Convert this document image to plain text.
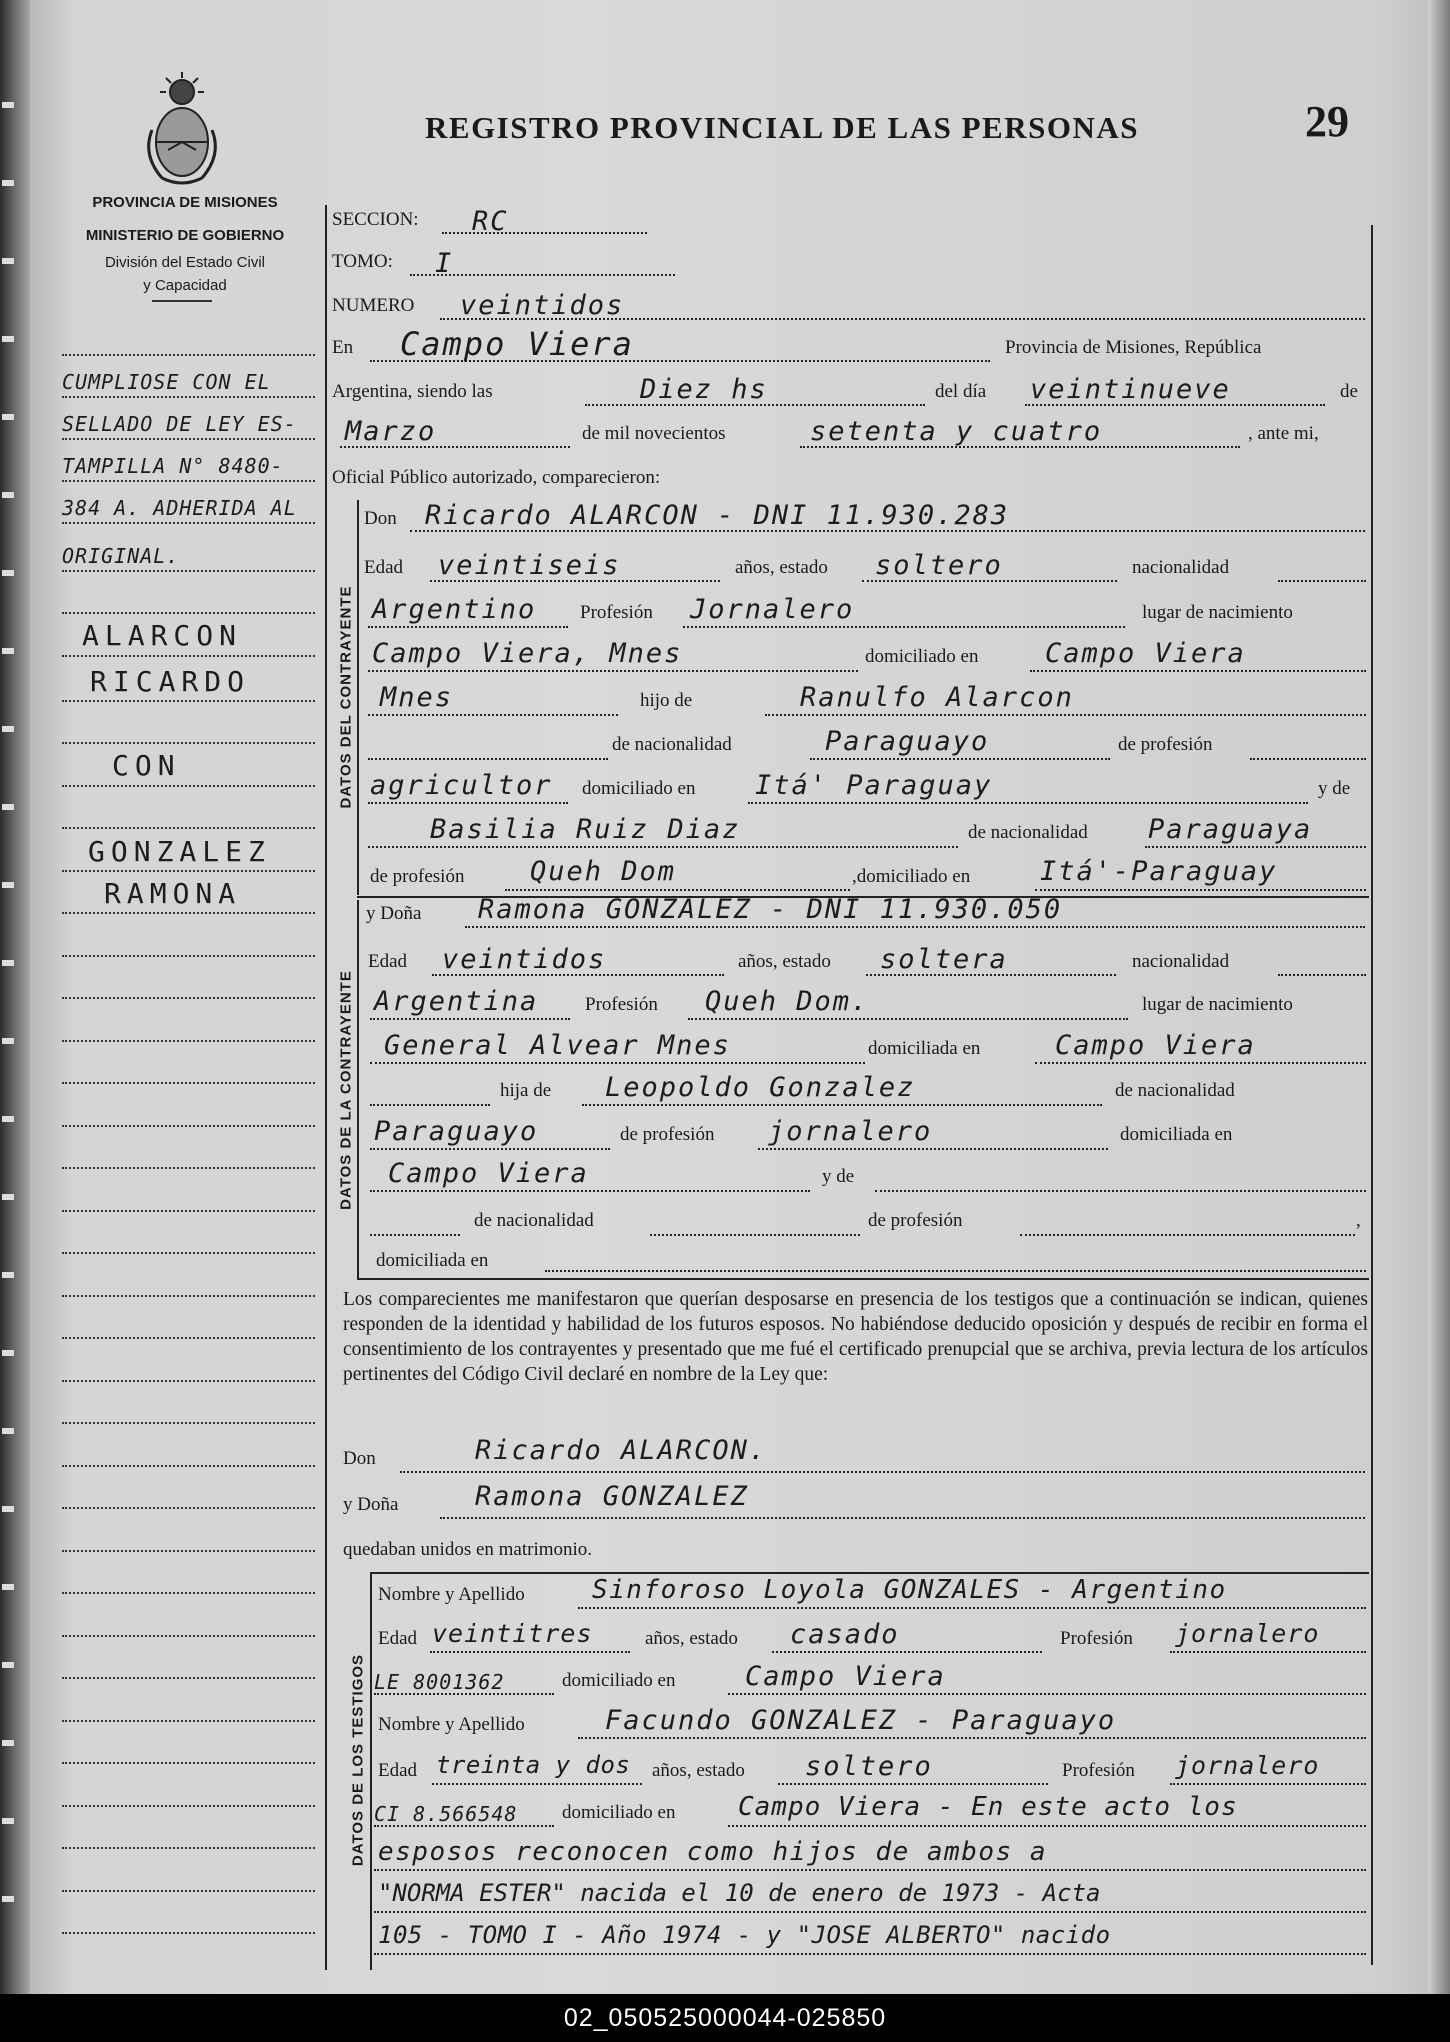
PROVINCIA DE MISIONES
MINISTERIO DE GOBIERNO
División del Estado Civil
y Capacidad
REGISTRO PROVINCIAL DE LAS PERSONAS	29
SECCION: RC
TOMO: I
NUMERO veintidos
En Campo Viera	Provincia de Misiones, República
Argentina, siendo las	Diez hs	del día veintinueve	de
Marzo	de mil novecientos	setenta y cuatro	, ante mi,
Oficial Público autorizado, comparecieron:
CUMPLIOSE CON EL
SELLADO DE LEY ES-
TAMPILLA N° 8480-
384 A. ADHERIDA AL
ORIGINAL.
ALARCON
RICARDO
CON
GONZALEZ
RAMONA
DATOS DEL CONTRAYENTE
Don Ricardo ALARCON - DNI 11.930.283
Edad veintiseis	años, estado soltero	nacionalidad
Argentino Profesión Jornalero	lugar de nacimiento
Campo Viera, Mnes	domiciliado en Campo Viera
Mnes	hijo de	Ranulfo Alarcon
de nacionalidad	Paraguayo	de profesión
agricultor domiciliado en Itá' Paraguay	y de
Basilia Ruiz Diaz	de nacionalidad Paraguaya
de profesión Queh Dom	,domiciliado en	Itá'-Paraguay
DATOS DE LA CONTRAYENTE
y Doña Ramona GONZALEZ - DNI 11.930.050
Edad veintidos	años, estado soltera	nacionalidad
Argentina Profesión Queh Dom.	lugar de nacimiento
General Alvear Mnes	domiciliada en	Campo Viera
hija de Leopoldo Gonzalez	de nacionalidad
Paraguayo	de profesión jornalero	domiciliada en
Campo Viera	y de
de nacionalidad	de profesión	,
domiciliada en
Los comparecientes me manifestaron que querían desposarse en presencia de los testigos que a continuación se indican, quienes responden de la identidad y habilidad de los futuros esposos. No habiéndose deducido oposición y después de recibir en forma el consentimiento de los contrayentes y presentado que me fué el certificado prenupcial que se archiva, previa lectura de los artículos pertinentes del Código Civil declaré en nombre de la Ley que:
Don	Ricardo ALARCON.
y Doña	Ramona GONZALEZ
quedaban unidos en matrimonio.
DATOS DE LOS TESTIGOS
Nombre y Apellido	Sinforoso Loyola GONZALES - Argentino
Edad veintitres	años, estado casado	Profesión jornalero
LE 8001362	domiciliado en	Campo Viera
Nombre y Apellido	Facundo GONZALEZ - Paraguayo
Edad treinta y dos años, estado soltero	Profesión jornalero
CI 8.566548 domiciliado en Campo Viera - En este acto los
esposos reconocen como hijos de ambos a
"NORMA ESTER" nacida el 10 de enero de 1973 - Acta
105 - TOMO I - Año 1974 - y "JOSE ALBERTO" nacido
02_050525000044-025850
